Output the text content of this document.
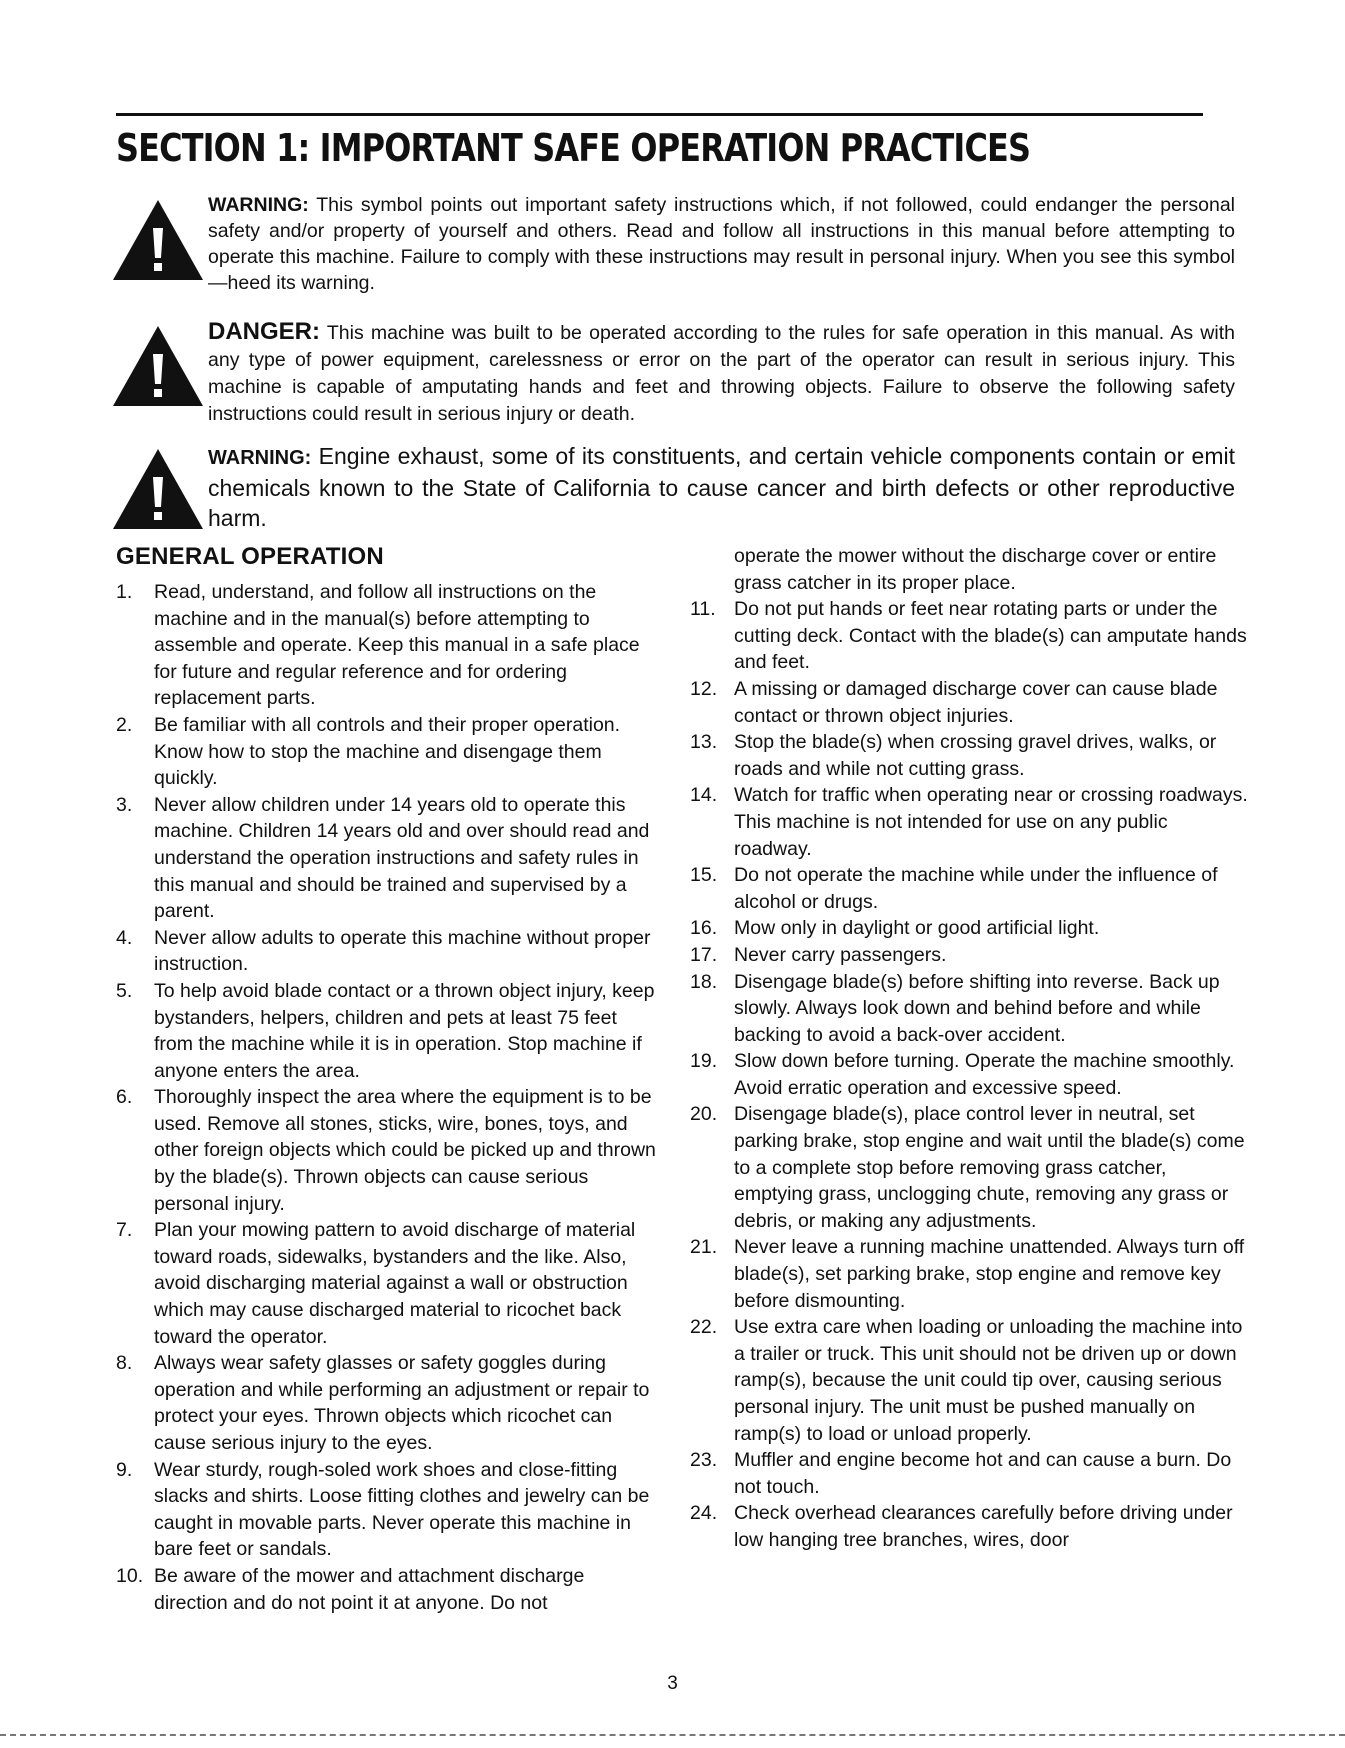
SECTION 1: IMPORTANT SAFE OPERATION PRACTICES
WARNING: This symbol points out important safety instructions which, if not followed, could endanger the personal safety and/or property of yourself and others. Read and follow all instructions in this manual before attempting to operate this machine. Failure to comply with these instructions may result in personal injury. When you see this symbol—heed its warning.
DANGER: This machine was built to be operated according to the rules for safe operation in this manual. As with any type of power equipment, carelessness or error on the part of the operator can result in serious injury. This machine is capable of amputating hands and feet and throwing objects. Failure to observe the following safety instructions could result in serious injury or death.
WARNING: Engine exhaust, some of its constituents, and certain vehicle components contain or emit chemicals known to the State of California to cause cancer and birth defects or other reproductive harm.
GENERAL OPERATION
1. Read, understand, and follow all instructions on the machine and in the manual(s) before attempting to assemble and operate. Keep this manual in a safe place for future and regular reference and for ordering replacement parts.
2. Be familiar with all controls and their proper operation. Know how to stop the machine and disengage them quickly.
3. Never allow children under 14 years old to operate this machine. Children 14 years old and over should read and understand the operation instructions and safety rules in this manual and should be trained and supervised by a parent.
4. Never allow adults to operate this machine without proper instruction.
5. To help avoid blade contact or a thrown object injury, keep bystanders, helpers, children and pets at least 75 feet from the machine while it is in operation. Stop machine if anyone enters the area.
6. Thoroughly inspect the area where the equipment is to be used. Remove all stones, sticks, wire, bones, toys, and other foreign objects which could be picked up and thrown by the blade(s). Thrown objects can cause serious personal injury.
7. Plan your mowing pattern to avoid discharge of material toward roads, sidewalks, bystanders and the like. Also, avoid discharging material against a wall or obstruction which may cause discharged material to ricochet back toward the operator.
8. Always wear safety glasses or safety goggles during operation and while performing an adjustment or repair to protect your eyes. Thrown objects which ricochet can cause serious injury to the eyes.
9. Wear sturdy, rough-soled work shoes and close-fitting slacks and shirts. Loose fitting clothes and jewelry can be caught in movable parts. Never operate this machine in bare feet or sandals.
10. Be aware of the mower and attachment discharge direction and do not point it at anyone. Do not
operate the mower without the discharge cover or entire grass catcher in its proper place.
11. Do not put hands or feet near rotating parts or under the cutting deck. Contact with the blade(s) can amputate hands and feet.
12. A missing or damaged discharge cover can cause blade contact or thrown object injuries.
13. Stop the blade(s) when crossing gravel drives, walks, or roads and while not cutting grass.
14. Watch for traffic when operating near or crossing roadways. This machine is not intended for use on any public roadway.
15. Do not operate the machine while under the influence of alcohol or drugs.
16. Mow only in daylight or good artificial light.
17. Never carry passengers.
18. Disengage blade(s) before shifting into reverse. Back up slowly. Always look down and behind before and while backing to avoid a back-over accident.
19. Slow down before turning. Operate the machine smoothly. Avoid erratic operation and excessive speed.
20. Disengage blade(s), place control lever in neutral, set parking brake, stop engine and wait until the blade(s) come to a complete stop before removing grass catcher, emptying grass, unclogging chute, removing any grass or debris, or making any adjustments.
21. Never leave a running machine unattended. Always turn off blade(s), set parking brake, stop engine and remove key before dismounting.
22. Use extra care when loading or unloading the machine into a trailer or truck. This unit should not be driven up or down ramp(s), because the unit could tip over, causing serious personal injury. The unit must be pushed manually on ramp(s) to load or unload properly.
23. Muffler and engine become hot and can cause a burn. Do not touch.
24. Check overhead clearances carefully before driving under low hanging tree branches, wires, door
3
